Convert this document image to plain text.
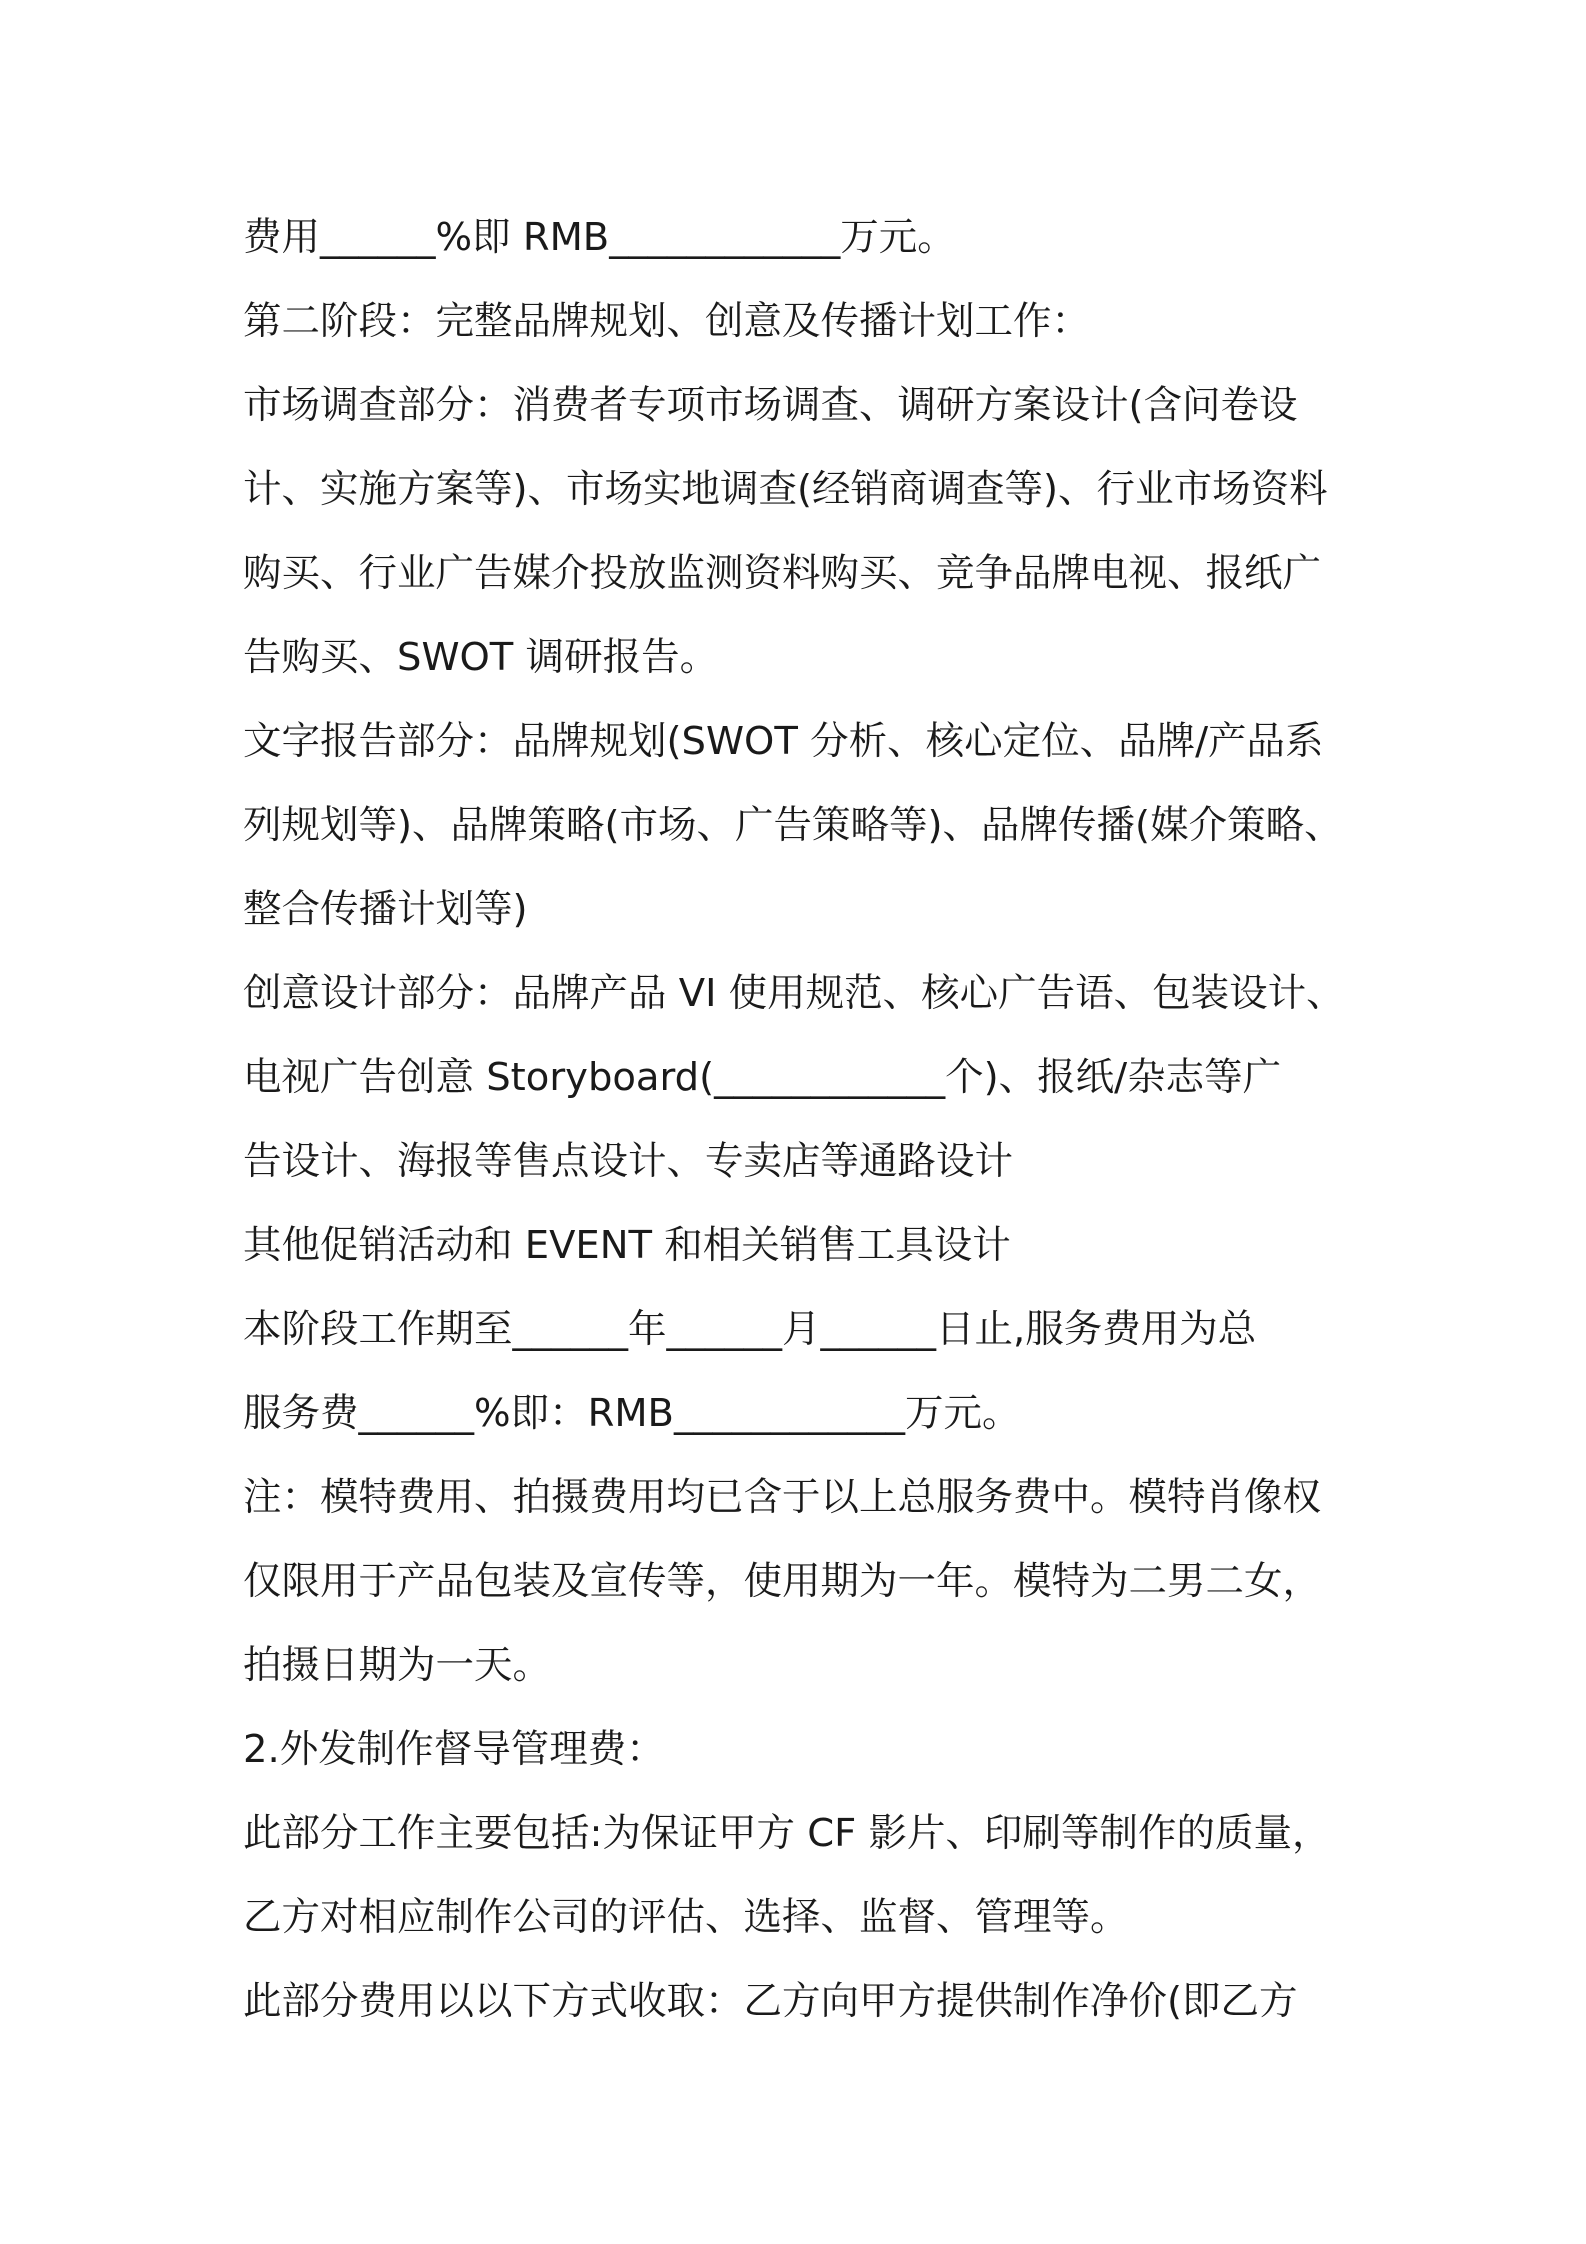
费用______%即 RMB____________万元。
第二阶段：完整品牌规划、创意及传播计划工作：
市场调查部分：消费者专项市场调查、调研方案设计(含问卷设
计、实施方案等)、市场实地调查(经销商调查等)、行业市场资料
购买、行业广告媒介投放监测资料购买、竞争品牌电视、报纸广
告购买、SWOT 调研报告。
文字报告部分：品牌规划(SWOT 分析、核心定位、品牌/产品系
列规划等)、品牌策略(市场、广告策略等)、品牌传播(媒介策略、
整合传播计划等)
创意设计部分：品牌产品 VI 使用规范、核心广告语、包装设计、
电视广告创意 Storyboard(____________个)、报纸/杂志等广
告设计、海报等售点设计、专卖店等通路设计
其他促销活动和 EVENT 和相关销售工具设计
本阶段工作期至______年______月______日止,服务费用为总
服务费______%即：RMB____________万元。
注：模特费用、拍摄费用均已含于以上总服务费中。模特肖像权
仅限用于产品包装及宣传等，使用期为一年。模特为二男二女，
拍摄日期为一天。
2.外发制作督导管理费：
此部分工作主要包括:为保证甲方 CF 影片、印刷等制作的质量，
乙方对相应制作公司的评估、选择、监督、管理等。
此部分费用以以下方式收取：乙方向甲方提供制作净价(即乙方
